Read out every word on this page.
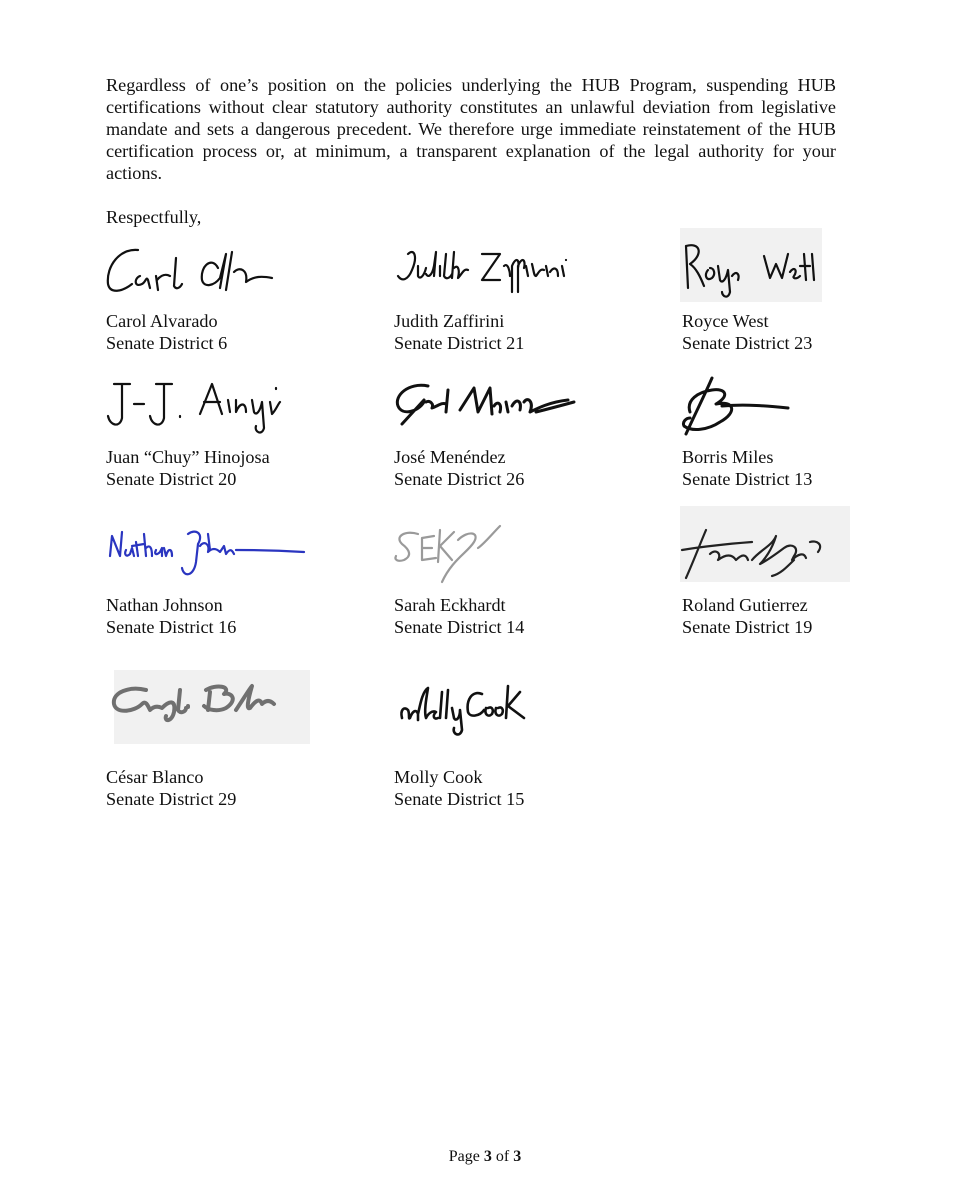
Regardless of one’s position on the policies underlying the HUB Program, suspending HUB certifications without clear statutory authority constitutes an unlawful deviation from legislative mandate and sets a dangerous precedent. We therefore urge immediate reinstatement of the HUB certification process or, at minimum, a transparent explanation of the legal authority for your actions.

Respectfully,

Carol Alvarado
Senate District 6
Judith Zaffirini
Senate District 21
Royce West
Senate District 23
Juan “Chuy” Hinojosa
Senate District 20
José Menéndez
Senate District 26
Borris Miles
Senate District 13
Nathan Johnson
Senate District 16
Sarah Eckhardt
Senate District 14
Roland Gutierrez
Senate District 19
César Blanco
Senate District 29
Molly Cook
Senate District 15
Page 3 of 3
